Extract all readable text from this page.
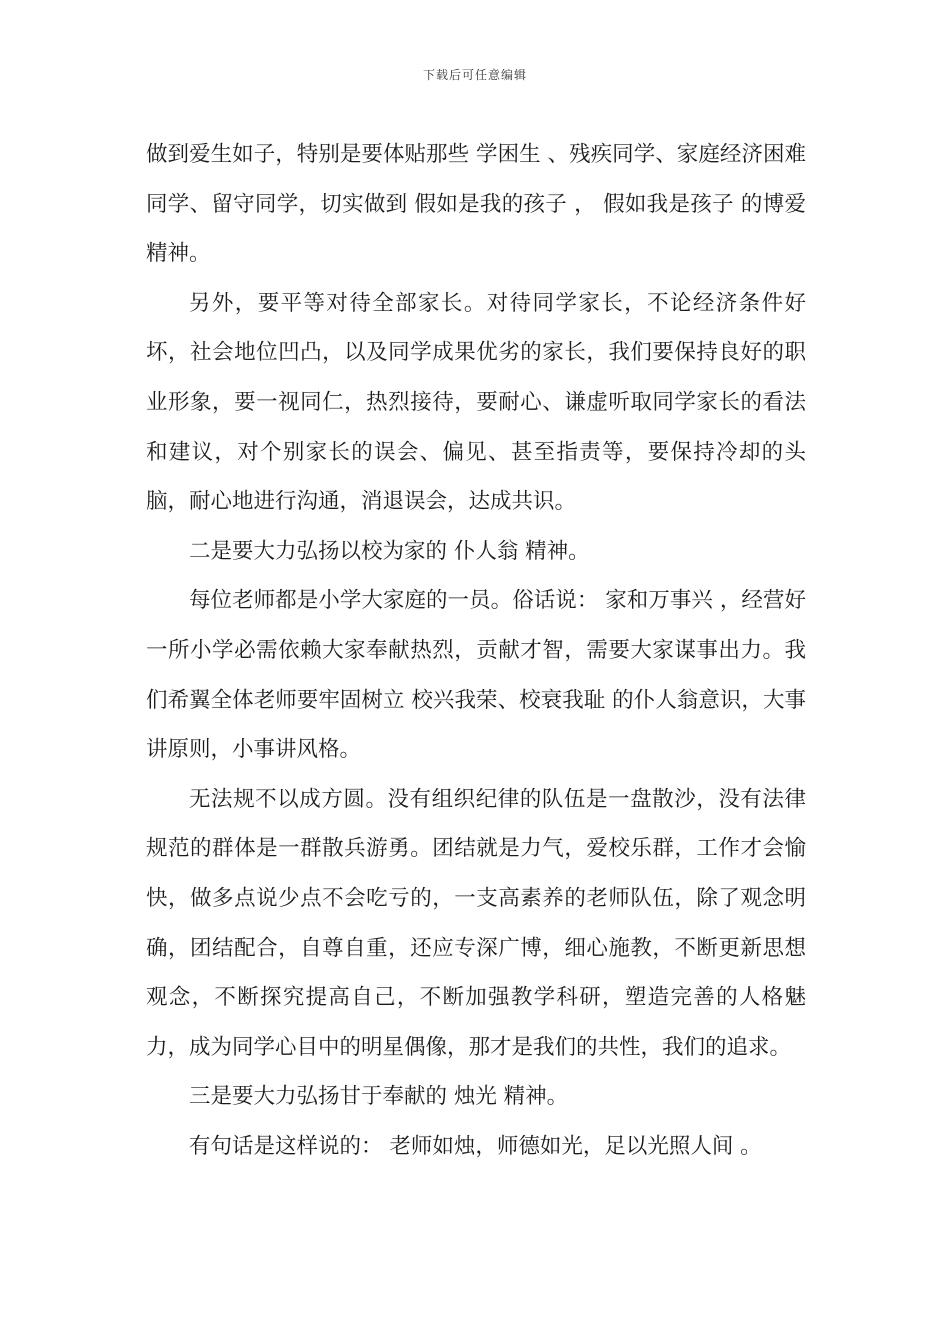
下载后可任意编辑

做到爱生如子，特别是要体贴那些 学困生 、残疾同学、家庭经济困难同学、留守同学，切实做到 假如是我的孩子 ， 假如我是孩子 的博爱精神。

另外，要平等对待全部家长。对待同学家长，不论经济条件好坏，社会地位凹凸，以及同学成果优劣的家长，我们要保持良好的职业形象，要一视同仁，热烈接待，要耐心、谦虚听取同学家长的看法和建议，对个别家长的误会、偏见、甚至指责等，要保持冷却的头脑，耐心地进行沟通，消退误会，达成共识。

二是要大力弘扬以校为家的 仆人翁 精神。

每位老师都是小学大家庭的一员。俗话说： 家和万事兴 ，经营好一所小学必需依赖大家奉献热烈，贡献才智，需要大家谋事出力。我们希翼全体老师要牢固树立 校兴我荣、校衰我耻 的仆人翁意识，大事讲原则，小事讲风格。

无法规不以成方圆。没有组织纪律的队伍是一盘散沙，没有法律规范的群体是一群散兵游勇。团结就是力气，爱校乐群，工作才会愉快，做多点说少点不会吃亏的，一支高素养的老师队伍，除了观念明确，团结配合，自尊自重，还应专深广博，细心施教，不断更新思想观念，不断探究提高自己，不断加强教学科研，塑造完善的人格魅力，成为同学心目中的明星偶像，那才是我们的共性，我们的追求。

三是要大力弘扬甘于奉献的 烛光 精神。

有句话是这样说的： 老师如烛，师德如光，足以光照人间 。
